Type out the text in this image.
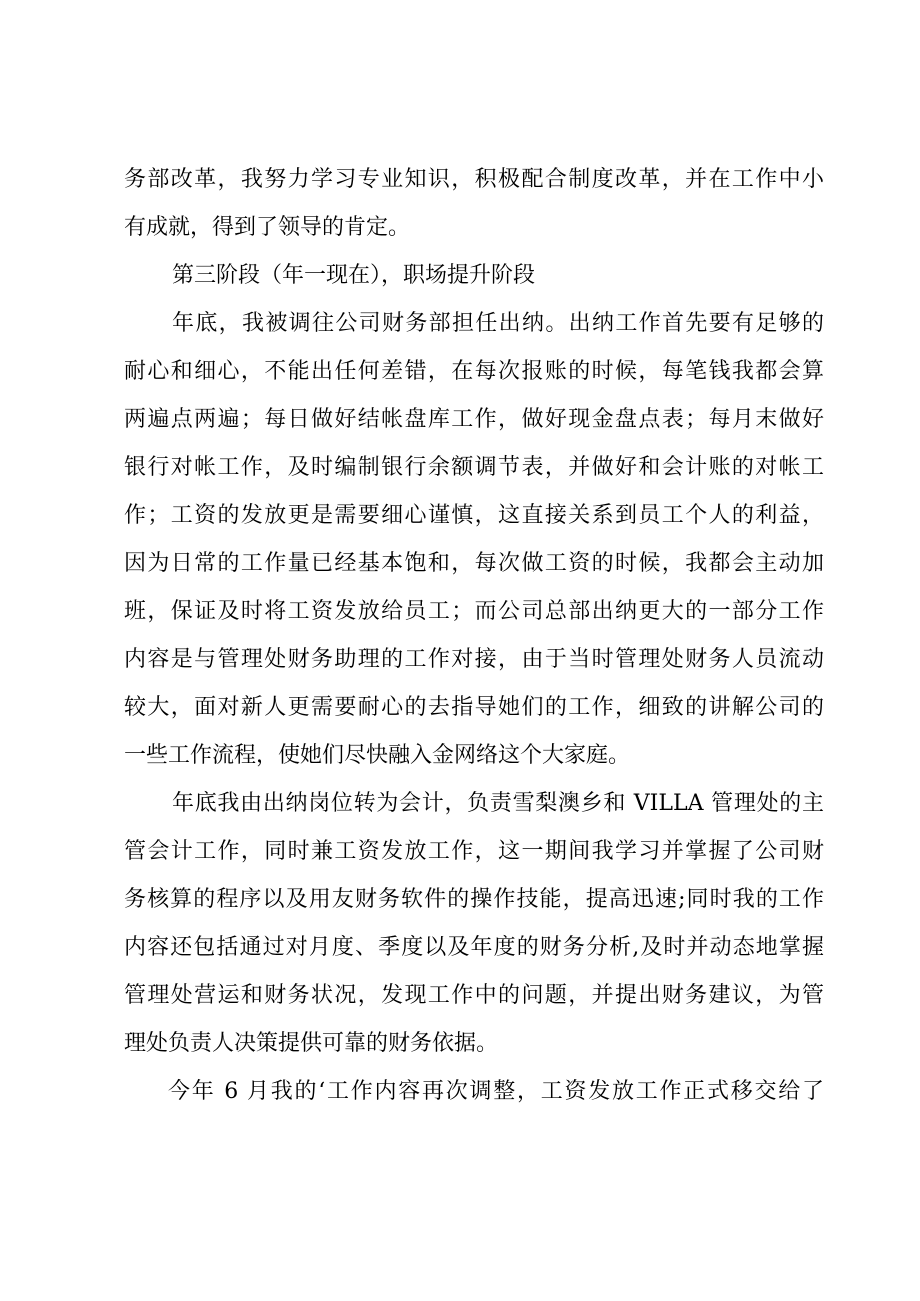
务部改革，我努力学习专业知识，积极配合制度改革，并在工作中小
有成就，得到了领导的肯定。
第三阶段（年一现在），职场提升阶段
年底，我被调往公司财务部担任出纳。出纳工作首先要有足够的
耐心和细心，不能出任何差错，在每次报账的时候，每笔钱我都会算
两遍点两遍；每日做好结帐盘库工作，做好现金盘点表；每月末做好
银行对帐工作，及时编制银行余额调节表，并做好和会计账的对帐工
作；工资的发放更是需要细心谨慎，这直接关系到员工个人的利益，
因为日常的工作量已经基本饱和，每次做工资的时候，我都会主动加
班，保证及时将工资发放给员工；而公司总部出纳更大的一部分工作
内容是与管理处财务助理的工作对接，由于当时管理处财务人员流动
较大，面对新人更需要耐心的去指导她们的工作，细致的讲解公司的
一些工作流程，使她们尽快融入金网络这个大家庭。
年底我由出纳岗位转为会计，负责雪梨澳乡和 VILLA 管理处的主
管会计工作，同时兼工资发放工作，这一期间我学习并掌握了公司财
务核算的程序以及用友财务软件的操作技能，提高迅速;同时我的工作
内容还包括通过对月度、季度以及年度的财务分析,及时并动态地掌握
管理处营运和财务状况，发现工作中的问题，并提出财务建议，为管
理处负责人决策提供可靠的财务依据。
今年 6 月我的‘工作内容再次调整，工资发放工作正式移交给了
